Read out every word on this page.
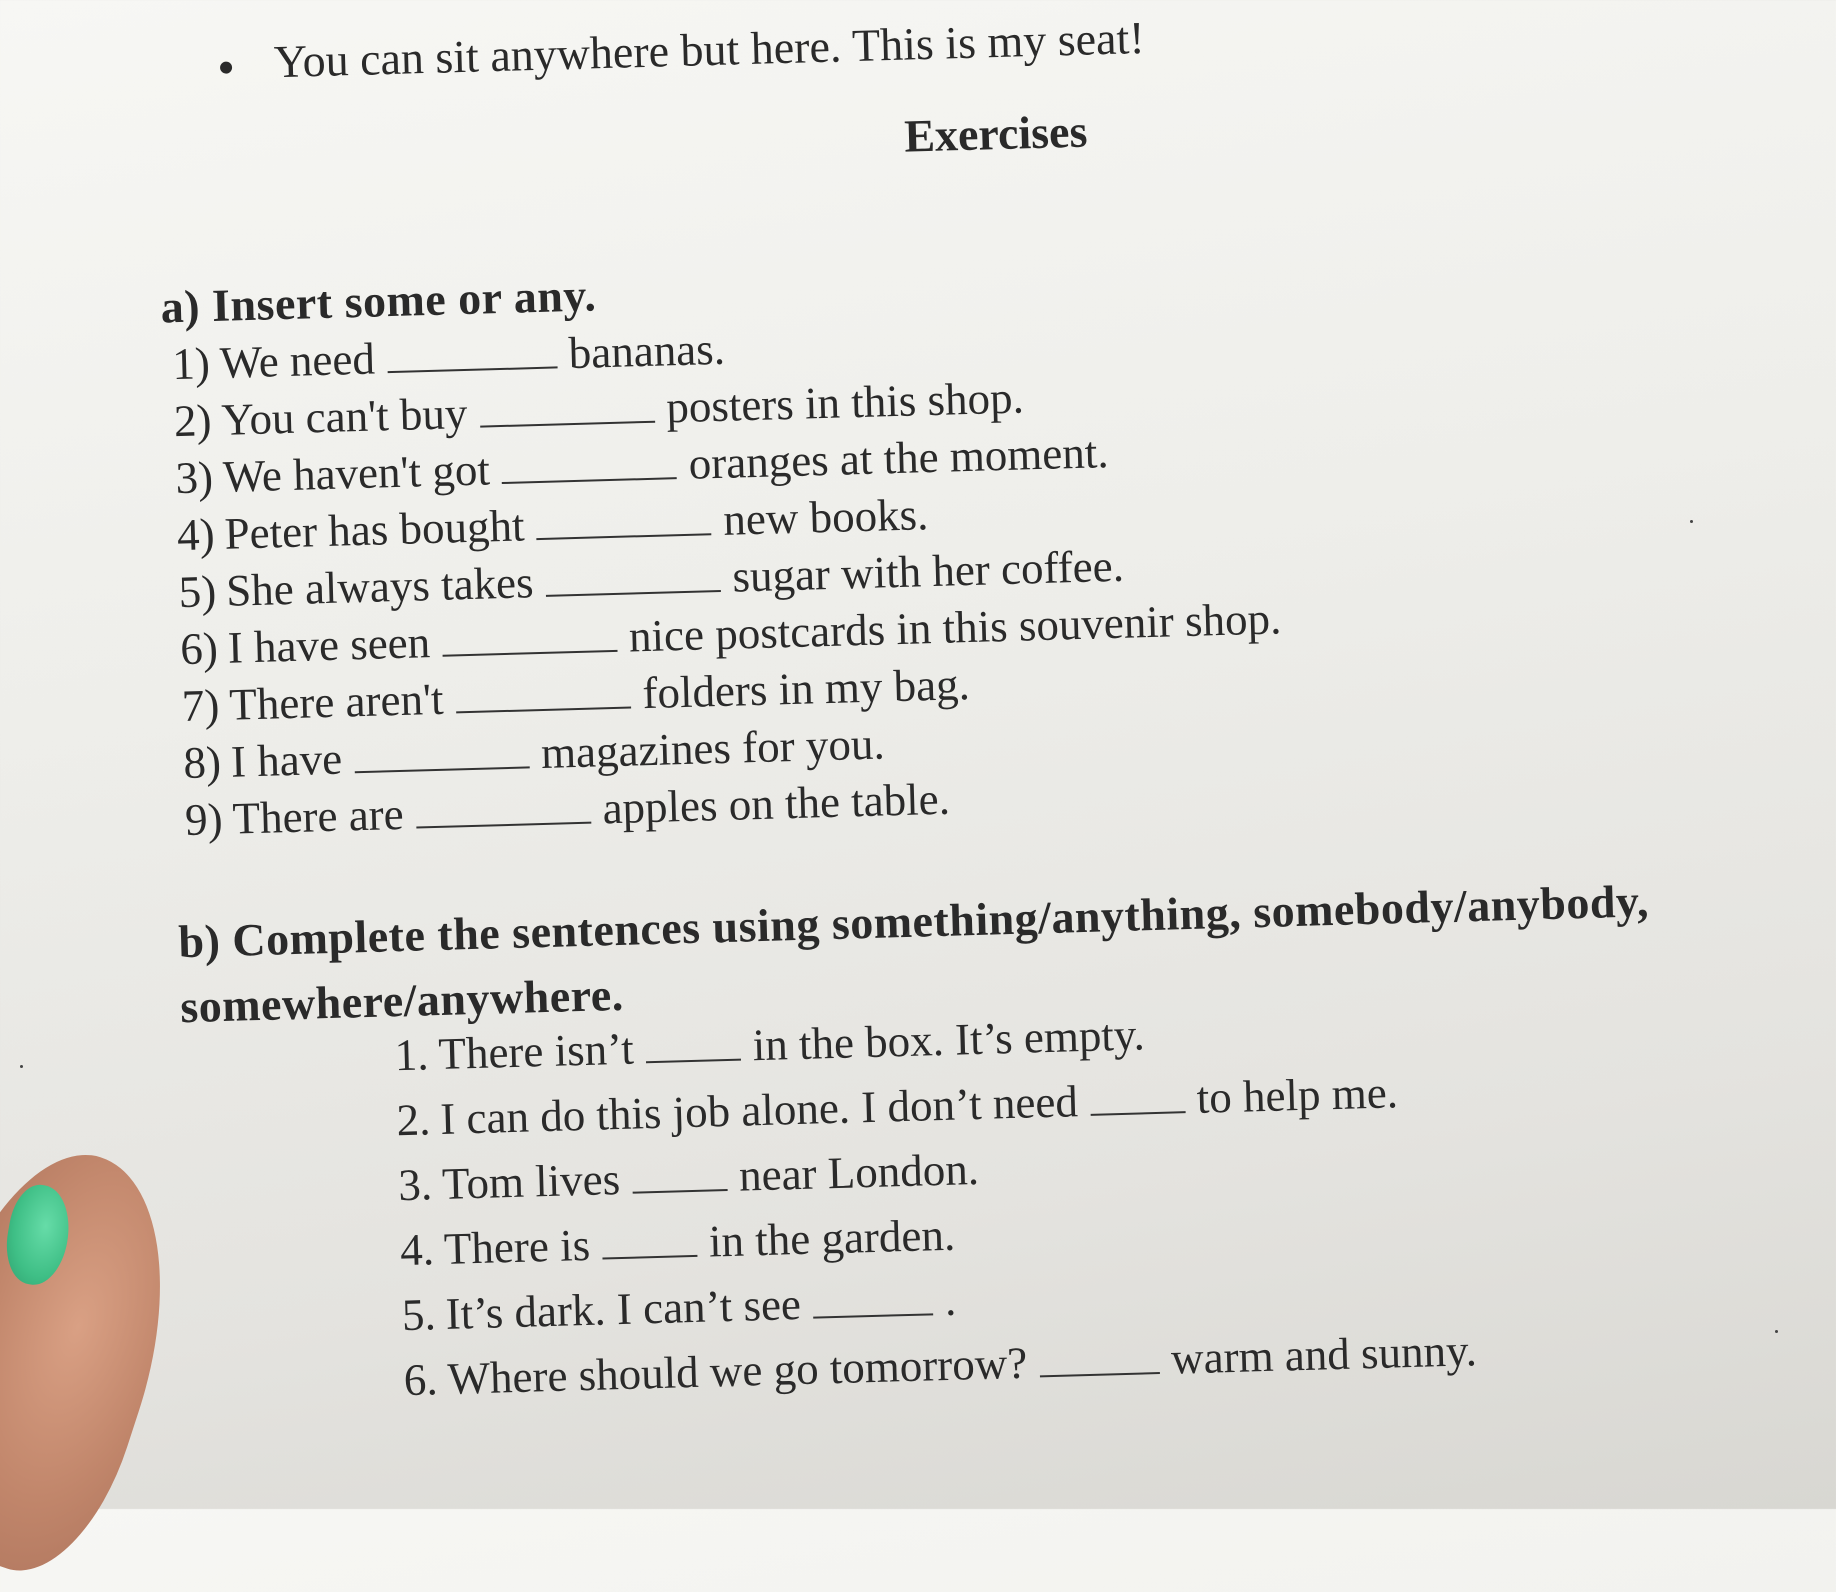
You can sit anywhere but here. This is my seat!
Exercises
a) Insert some or any.
1) We need	bananas.
2) You can't buy	posters in this shop.
3) We haven't got	oranges at the moment.
4) Peter has bought	new books.
5) She always takes	sugar with her coffee.
6) I have seen	nice postcards in this souvenir shop.
7) There aren't	folders in my bag.
8) I have	magazines for you.
9) There are	apples on the table.
b) Complete the sentences using something/anything, somebody/anybody,
somewhere/anywhere.
1. There isn’t	in the box. It’s empty.
2. I can do this job alone. I don’t need	to help me.
3. Tom lives	near London.
4. There is	in the garden.
5. It’s dark. I can’t see	.
6. Where should we go tomorrow?	warm and sunny.
